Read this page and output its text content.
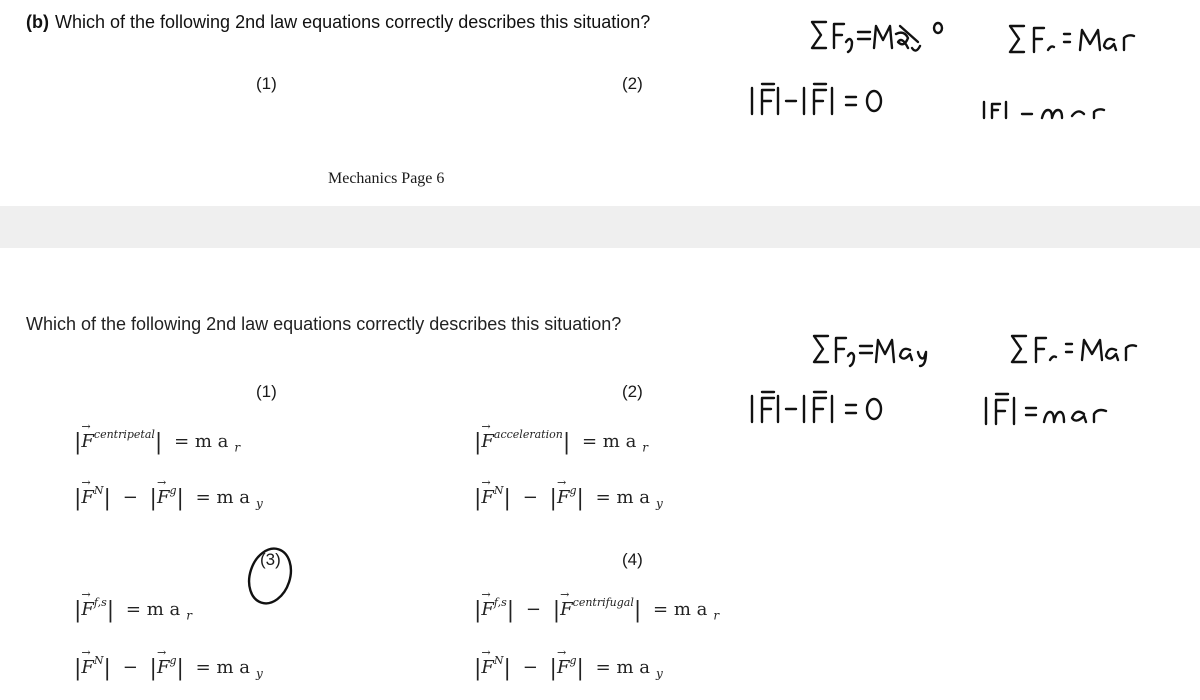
(b) Which of the following 2nd law equations correctly describes this situation?
(1)	(2)
Mechanics Page 6
Which of the following 2nd law equations correctly describes this situation?
(1)	(2)
(4)
|→ $F^{centripetal}| = m$ a $_r$
|→ $F^N|$ − |→ $F^g| = m$ a $_y$
|→ $F^{acceleration}| = m$ a $_r$
|→ $F^N|$ − |→ $F^g| = m$ a $_y$
(3)
|→ F$^{f,s}$| = m a $_r$
|→ $F^N|$ − |→ $F^g| = m$ a $_y$
|→ F$^{f,s}$| − |→ $F^{centrifugal}| = m$ a $_r$
|→ $F^N|$ − |→ $F^g| = m$ a $_y$
